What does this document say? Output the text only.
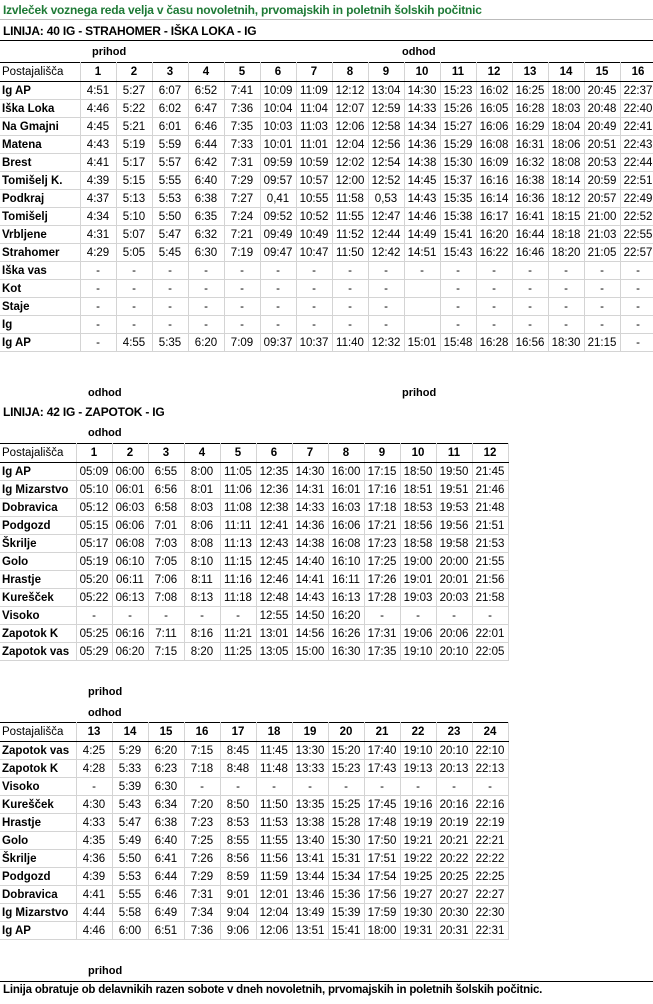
Izvleček voznega reda veljа v času novoletnih, prvomajskih in poletnih šolskih počitnic
LINIJA: 40 IG - STRAHOMER - IŠKA LOKA - IG
prihod	odhod
Postajališča	1	2	3	4	5	6	7	8	9	10	11	12	13	14	15	16
Ig AP	4:51	5:27	6:07	6:52	7:41	10:09	11:09	12:12	13:04	14:30	15:23	16:02	16:25	18:00	20:45	22:37
Iška Loka	4:46	5:22	6:02	6:47	7:36	10:04	11:04	12:07	12:59	14:33	15:26	16:05	16:28	18:03	20:48	22:40
Na Gmajni	4:45	5:21	6:01	6:46	7:35	10:03	11:03	12:06	12:58	14:34	15:27	16:06	16:29	18:04	20:49	22:41
Matena	4:43	5:19	5:59	6:44	7:33	10:01	11:01	12:04	12:56	14:36	15:29	16:08	16:31	18:06	20:51	22:43
Brest	4:41	5:17	5:57	6:42	7:31	09:59	10:59	12:02	12:54	14:38	15:30	16:09	16:32	18:08	20:53	22:44
Tomišelj K.	4:39	5:15	5:55	6:40	7:29	09:57	10:57	12:00	12:52	14:45	15:37	16:16	16:38	18:14	20:59	22:51
Podkraj	4:37	5:13	5:53	6:38	7:27	0,41	10:55	11:58	0,53	14:43	15:35	16:14	16:36	18:12	20:57	22:49
Tomišelj	4:34	5:10	5:50	6:35	7:24	09:52	10:52	11:55	12:47	14:46	15:38	16:17	16:41	18:15	21:00	22:52
Vrbljene	4:31	5:07	5:47	6:32	7:21	09:49	10:49	11:52	12:44	14:49	15:41	16:20	16:44	18:18	21:03	22:55
Strahomer	4:29	5:05	5:45	6:30	7:19	09:47	10:47	11:50	12:42	14:51	15:43	16:22	16:46	18:20	21:05	22:57
Iška vas	-	-	-	-	-	-	-	-	-	-	-	-	-	-	-	-
Kot	-	-	-	-	-	-	-	-	-		-	-	-	-	-	-
Staje	-	-	-	-	-	-	-	-	-		-	-	-	-	-	-
Ig	-	-	-	-	-	-	-	-	-		-	-	-	-	-	-
Ig AP	-	4:55	5:35	6:20	7:09	09:37	10:37	11:40	12:32	15:01	15:48	16:28	16:56	18:30	21:15	-
odhod	prihod
LINIJA: 42 IG - ZAPOTOK - IG
odhod
Postajališča	1	2	3	4	5	6	7	8	9	10	11	12
Ig AP	05:09	06:00	6:55	8:00	11:05	12:35	14:30	16:00	17:15	18:50	19:50	21:45
Ig Mizarstvo	05:10	06:01	6:56	8:01	11:06	12:36	14:31	16:01	17:16	18:51	19:51	21:46
Dobravica	05:12	06:03	6:58	8:03	11:08	12:38	14:33	16:03	17:18	18:53	19:53	21:48
Podgozd	05:15	06:06	7:01	8:06	11:11	12:41	14:36	16:06	17:21	18:56	19:56	21:51
Škrilje	05:17	06:08	7:03	8:08	11:13	12:43	14:38	16:08	17:23	18:58	19:58	21:53
Golo	05:19	06:10	7:05	8:10	11:15	12:45	14:40	16:10	17:25	19:00	20:00	21:55
Hrastje	05:20	06:11	7:06	8:11	11:16	12:46	14:41	16:11	17:26	19:01	20:01	21:56
Kurešček	05:22	06:13	7:08	8:13	11:18	12:48	14:43	16:13	17:28	19:03	20:03	21:58
Visoko	-	-	-	-	-	12:55	14:50	16:20	-	-	-	-
Zapotok K	05:25	06:16	7:11	8:16	11:21	13:01	14:56	16:26	17:31	19:06	20:06	22:01
Zapotok vas	05:29	06:20	7:15	8:20	11:25	13:05	15:00	16:30	17:35	19:10	20:10	22:05
prihod
odhod
Postajališča	13	14	15	16	17	18	19	20	21	22	23	24
Zapotok vas	4:25	5:29	6:20	7:15	8:45	11:45	13:30	15:20	17:40	19:10	20:10	22:10
Zapotok K	4:28	5:33	6:23	7:18	8:48	11:48	13:33	15:23	17:43	19:13	20:13	22:13
Visoko	-	5:39	6:30	-	-	-	-	-	-	-	-	-
Kurešček	4:30	5:43	6:34	7:20	8:50	11:50	13:35	15:25	17:45	19:16	20:16	22:16
Hrastje	4:33	5:47	6:38	7:23	8:53	11:53	13:38	15:28	17:48	19:19	20:19	22:19
Golo	4:35	5:49	6:40	7:25	8:55	11:55	13:40	15:30	17:50	19:21	20:21	22:21
Škrilje	4:36	5:50	6:41	7:26	8:56	11:56	13:41	15:31	17:51	19:22	20:22	22:22
Podgozd	4:39	5:53	6:44	7:29	8:59	11:59	13:44	15:34	17:54	19:25	20:25	22:25
Dobravica	4:41	5:55	6:46	7:31	9:01	12:01	13:46	15:36	17:56	19:27	20:27	22:27
Ig Mizarstvo	4:44	5:58	6:49	7:34	9:04	12:04	13:49	15:39	17:59	19:30	20:30	22:30
Ig AP	4:46	6:00	6:51	7:36	9:06	12:06	13:51	15:41	18:00	19:31	20:31	22:31
prihod
Linija obratuje ob delavnikih razen sobote v dneh novoletnih, prvomajskih in poletnih šolskih počitnic.
